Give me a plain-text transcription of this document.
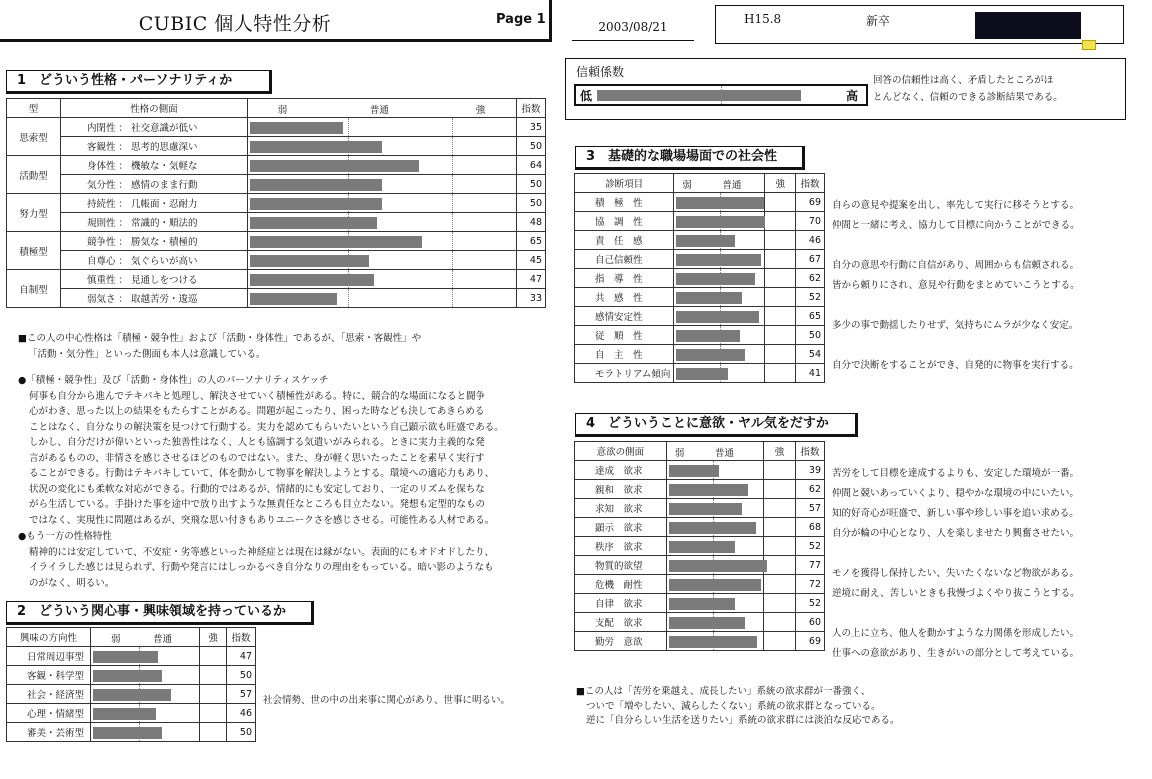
CUBIC 個人特性分析	Page 1	2003/08/21
H15.8	新卒
1　どういう性格・パーソナリティか
型	性格の側面	弱 普通 強	指数
思索型	内閉性 ： 社交意識が低い		35
	客観性 ： 思考的思慮深い		50
活動型	身体性 ： 機敏な・気軽な		64
	気分性 ： 感情のまま行動		50
努力型	持続性 ： 几帳面・忍耐力		50
	規則性 ： 常識的・順法的		48
積極型	競争性 ： 勝気な・積極的		65
	自尊心 ： 気ぐらいが高い		45
自制型	慎重性 ： 見通しをつける		47
	弱気さ ： 取越苦労・逡巡		33
■この人の中心性格は「積極・競争性」および「活動・身体性」であるが、「思索・客観性」や
「活動・気分性」といった側面も本人は意識している。
●「積極・競争性」及び「活動・身体性」の人のパーソナリティスケッチ
何事も自分から進んでテキパキと処理し、解決させていく積極性がある。特に、競合的な場面になると闘争
心がわき、思った以上の結果をもたらすことがある。問題が起こったり、困った時なども決してあきらめる
ことはなく、自分なりの解決策を見つけて行動する。実力を認めてもらいたいという自己顕示欲も旺盛である。
しかし、自分だけが偉いといった独善性はなく、人とも協調する気遣いがみられる。ときに実力主義的な発
言があるものの、非情さを感じさせるほどのものではない。また、身が軽く思いたったことを素早く実行す
ることができる。行動はテキパキしていて、体を動かして物事を解決しようとする。環境への適応力もあり、
状況の変化にも柔軟な対応ができる。行動的ではあるが、情緒的にも安定しており、一定のリズムを保ちな
がら生活している。手掛けた事を途中で放り出すような無責任なところも目立たない。発想も定型的なもの
ではなく、実現性に問題はあるが、突飛な思い付きもありユニークさを感じさせる。可能性ある人材である。
●もう一方の性格特性
精神的には安定していて、不安症・劣等感といった神経症とは現在は縁がない。表面的にもオドオドしたり、
イライラした感じは見られず、行動や発言にはしっかるべき自分なりの理由をもっている。暗い影のようなも
のがなく、明るい。
2　どういう関心事・興味領域を持っているか
興味の方向性	弱 普通	強	指数
日常周辺事型			47
客観・科学型			50
社会・経済型			57
心理・情緒型			46
審美・芸術型			50
社会情勢、世の中の出来事に関心があり、世事に明るい。
信頼係数
低	高
回答の信頼性は高く、矛盾したところがほ
とんどなく、信頼のできる診断結果である。
3　基礎的な職場場面での社会性
診断項目	弱 普通	強	指数
積　極　性			69
協　調　性			70
責　任　感			46
自己信頼性			67
指　導　性			62
共　感　性			52
感情安定性			65
従　順　性			50
自　主　性			54
モラトリアム傾向			41
自らの意見や提案を出し、率先して実行に移そうとする。
仲間と一緒に考え、協力して目標に向かうことができる。
自分の意思や行動に自信があり、周囲からも信頼される。
皆から頼りにされ、意見や行動をまとめていこうとする。
多少の事で動揺したりせず、気持ちにムラが少なく安定。
自分で決断をすることができ、自発的に物事を実行する。
4　どういうことに意欲・ヤル気をだすか
意欲の側面	弱 普通	強	指数
達成　欲求			39
親和　欲求			62
求知　欲求			57
顕示　欲求			68
秩序　欲求			52
物質的欲望			77
危機　耐性			72
自律　欲求			52
支配　欲求			60
勤労　意欲			69
苦労をして目標を達成するよりも、安定した環境が一番。
仲間と競いあっていくより、穏やかな環境の中にいたい。
知的好奇心が旺盛で、新しい事や珍しい事を追い求める。
自分が輪の中心となり、人を楽しませたり興奮させたい。
モノを獲得し保持したい、失いたくないなど物欲がある。
逆境に耐え、苦しいときも我慢づよくやり抜こうとする。
人の上に立ち、他人を動かすような力関係を形成したい。
仕事への意欲があり、生きがいの部分として考えている。
■この人は「苦労を乗越え、成長したい」系統の欲求群が一番強く、
ついで「増やしたい、減らしたくない」系統の欲求群となっている。
逆に「自分らしい生活を送りたい」系統の欲求群には淡泊な反応である。
